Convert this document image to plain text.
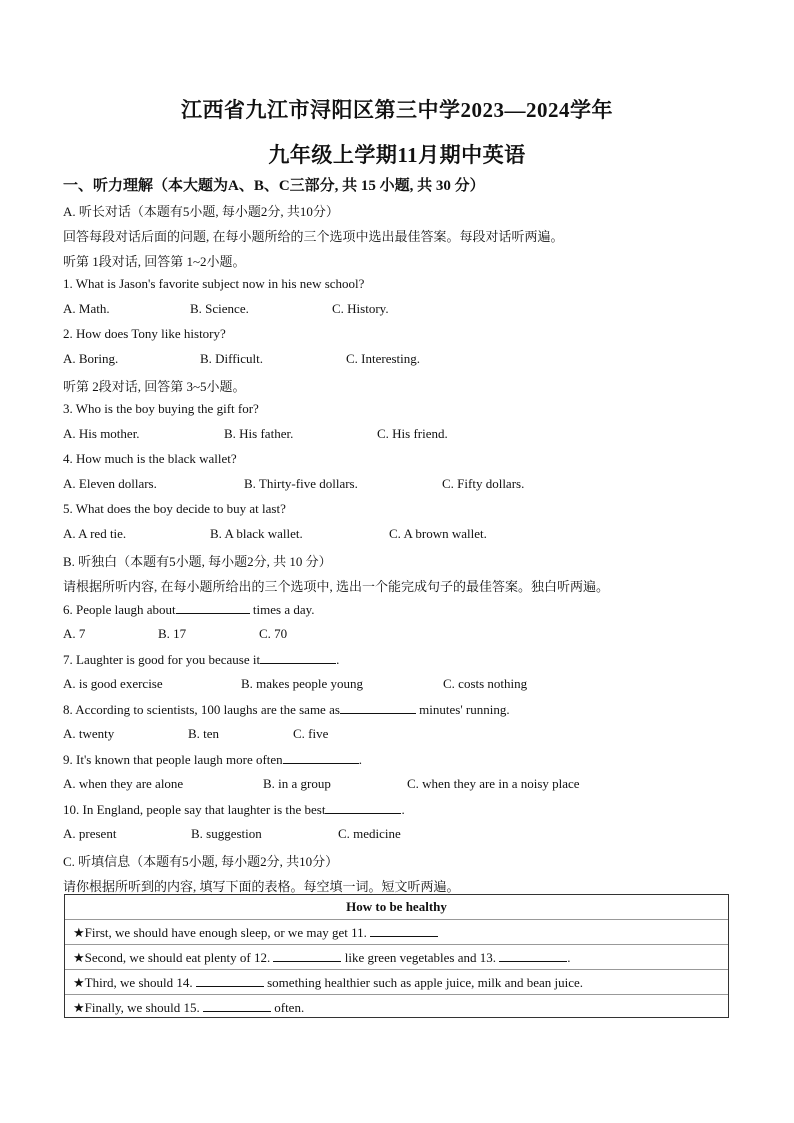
江西省九江市浔阳区第三中学2023—2024学年
九年级上学期11月期中英语
一、听力理解（本大题为A、B、C三部分, 共 15 小题, 共 30 分）
A. 听长对话（本题有5小题, 每小题2分, 共10分）
回答每段对话后面的问题, 在每小题所给的三个选项中选出最佳答案。每段对话听两遍。
听第 1段对话, 回答第 1~2小题。
1. What is Jason's favorite subject now in his new school?
A. Math.	B. Science.	C. History.
2. How does Tony like history?
A. Boring.	B. Difficult.	C. Interesting.
听第 2段对话, 回答第 3~5小题。
3. Who is the boy buying the gift for?
A. His mother.	B. His father.	C. His friend.
4. How much is the black wallet?
A. Eleven dollars.	B. Thirty-five dollars.	C. Fifty dollars.
5. What does the boy decide to buy at last?
A. A red tie.	B. A black wallet.	C. A brown wallet.
B. 听独白（本题有5小题, 每小题2分, 共 10 分）
请根据所听内容, 在每小题所给出的三个选项中, 选出一个能完成句子的最佳答案。独白听两遍。
6. People laugh about	times a day.
A. 7	B. 17	C. 70
7. Laughter is good for you because it	.
A. is good exercise	B. makes people young	C. costs nothing
8. According to scientists, 100 laughs are the same as	minutes' running.
A. twenty	B. ten	C. five
9. It's known that people laugh more often	.
A. when they are alone	B. in a group	C. when they are in a noisy place
10. In England, people say that laughter is the best	.
A. present	B. suggestion	C. medicine
C. 听填信息（本题有5小题, 每小题2分, 共10分）
请你根据所听到的内容, 填写下面的表格。每空填一词。短文听两遍。
How to be healthy
★First, we should have enough sleep, or we may get 11.
★Second, we should eat plenty of 12.	like green vegetables and 13.	.
★Third, we should 14.	something healthier such as apple juice, milk and bean juice.
★Finally, we should 15.	often.
